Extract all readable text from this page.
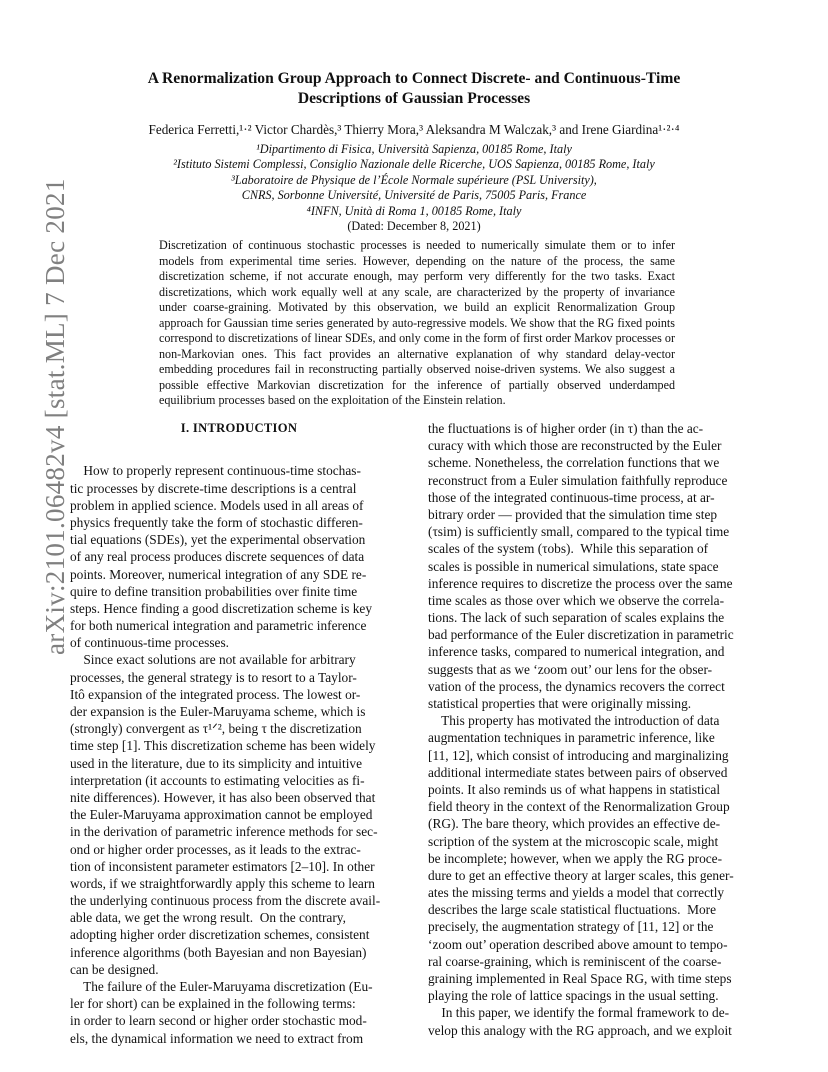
arXiv:2101.06482v4 [stat.ML] 7 Dec 2021
A Renormalization Group Approach to Connect Discrete- and Continuous-Time
Descriptions of Gaussian Processes
Federica Ferretti,¹·² Victor Chardès,³ Thierry Mora,³ Aleksandra M Walczak,³ and Irene Giardina¹·²·⁴
¹Dipartimento di Fisica, Università Sapienza, 00185 Rome, Italy
²Istituto Sistemi Complessi, Consiglio Nazionale delle Ricerche, UOS Sapienza, 00185 Rome, Italy
³Laboratoire de Physique de l’École Normale supérieure (PSL University),
CNRS, Sorbonne Université, Université de Paris, 75005 Paris, France
⁴INFN, Unità di Roma 1, 00185 Rome, Italy
(Dated: December 8, 2021)
Discretization of continuous stochastic processes is needed to numerically simulate them or to infer models from experimental time series. However, depending on the nature of the process, the same discretization scheme, if not accurate enough, may perform very differently for the two tasks. Exact discretizations, which work equally well at any scale, are characterized by the property of invariance under coarse-graining. Motivated by this observation, we build an explicit Renormalization Group approach for Gaussian time series generated by auto-regressive models. We show that the RG fixed points correspond to discretizations of linear SDEs, and only come in the form of first order Markov processes or non-Markovian ones. This fact provides an alternative explanation of why standard delay-vector embedding procedures fail in reconstructing partially observed noise-driven systems. We also suggest a possible effective Markovian discretization for the inference of partially observed underdamped equilibrium processes based on the exploitation of the Einstein relation.
I. INTRODUCTION
How to properly represent continuous-time stochas-
tic processes by discrete-time descriptions is a central
problem in applied science. Models used in all areas of
physics frequently take the form of stochastic differen-
tial equations (SDEs), yet the experimental observation
of any real process produces discrete sequences of data
points. Moreover, numerical integration of any SDE re-
quire to define transition probabilities over finite time
steps. Hence finding a good discretization scheme is key
for both numerical integration and parametric inference
of continuous-time processes.
Since exact solutions are not available for arbitrary
processes, the general strategy is to resort to a Taylor-
Itô expansion of the integrated process. The lowest or-
der expansion is the Euler-Maruyama scheme, which is
(strongly) convergent as τ¹ᐟ², being τ the discretization
time step [1]. This discretization scheme has been widely
used in the literature, due to its simplicity and intuitive
interpretation (it accounts to estimating velocities as fi-
nite differences). However, it has also been observed that
the Euler-Maruyama approximation cannot be employed
in the derivation of parametric inference methods for sec-
ond or higher order processes, as it leads to the extrac-
tion of inconsistent parameter estimators [2–10]. In other
words, if we straightforwardly apply this scheme to learn
the underlying continuous process from the discrete avail-
able data, we get the wrong result.  On the contrary,
adopting higher order discretization schemes, consistent
inference algorithms (both Bayesian and non Bayesian)
can be designed.
The failure of the Euler-Maruyama discretization (Eu-
ler for short) can be explained in the following terms:
in order to learn second or higher order stochastic mod-
els, the dynamical information we need to extract from
the fluctuations is of higher order (in τ) than the ac-
curacy with which those are reconstructed by the Euler
scheme. Nonetheless, the correlation functions that we
reconstruct from a Euler simulation faithfully reproduce
those of the integrated continuous-time process, at ar-
bitrary order — provided that the simulation time step
(τsim) is sufficiently small, compared to the typical time
scales of the system (τobs).  While this separation of
scales is possible in numerical simulations, state space
inference requires to discretize the process over the same
time scales as those over which we observe the correla-
tions. The lack of such separation of scales explains the
bad performance of the Euler discretization in parametric
inference tasks, compared to numerical integration, and
suggests that as we ‘zoom out’ our lens for the obser-
vation of the process, the dynamics recovers the correct
statistical properties that were originally missing.
This property has motivated the introduction of data
augmentation techniques in parametric inference, like
[11, 12], which consist of introducing and marginalizing
additional intermediate states between pairs of observed
points. It also reminds us of what happens in statistical
field theory in the context of the Renormalization Group
(RG). The bare theory, which provides an effective de-
scription of the system at the microscopic scale, might
be incomplete; however, when we apply the RG proce-
dure to get an effective theory at larger scales, this gener-
ates the missing terms and yields a model that correctly
describes the large scale statistical fluctuations.  More
precisely, the augmentation strategy of [11, 12] or the
‘zoom out’ operation described above amount to tempo-
ral coarse-graining, which is reminiscent of the coarse-
graining implemented in Real Space RG, with time steps
playing the role of lattice spacings in the usual setting.
In this paper, we identify the formal framework to de-
velop this analogy with the RG approach, and we exploit
